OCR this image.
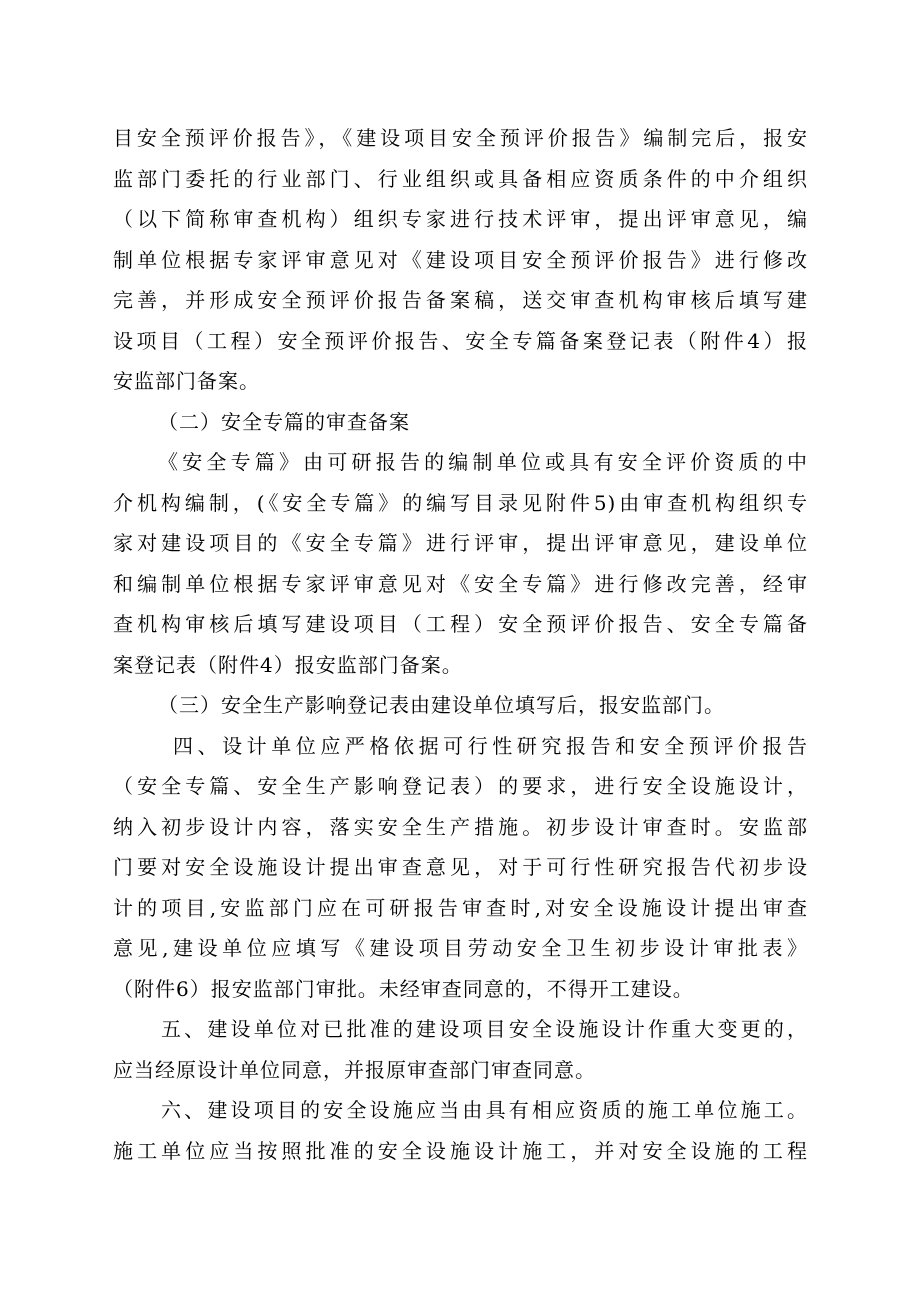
目安全预评价报告》，《建设项目安全预评价报告》编制完后，报安
监部门委托的行业部门、行业组织或具备相应资质条件的中介组织
（以下简称审查机构）组织专家进行技术评审，提出评审意见，编
制单位根据专家评审意见对《建设项目安全预评价报告》进行修改
完善，并形成安全预评价报告备案稿，送交审查机构审核后填写建
设项目（工程）安全预评价报告、安全专篇备案登记表（附件4）报
安监部门备案。
（二）安全专篇的审查备案
《安全专篇》由可研报告的编制单位或具有安全评价资质的中
介机构编制，(《安全专篇》的编写目录见附件5)由审查机构组织专
家对建设项目的《安全专篇》进行评审，提出评审意见，建设单位
和编制单位根据专家评审意见对《安全专篇》进行修改完善，经审
查机构审核后填写建设项目（工程）安全预评价报告、安全专篇备
案登记表（附件4）报安监部门备案。
（三）安全生产影响登记表由建设单位填写后，报安监部门。
四、设计单位应严格依据可行性研究报告和安全预评价报告
（安全专篇、安全生产影响登记表）的要求，进行安全设施设计，
纳入初步设计内容，落实安全生产措施。初步设计审查时。安监部
门要对安全设施设计提出审查意见，对于可行性研究报告代初步设
计的项目,安监部门应在可研报告审查时,对安全设施设计提出审查
意见,建设单位应填写《建设项目劳动安全卫生初步设计审批表》
（附件6）报安监部门审批。未经审查同意的，不得开工建设。
五、建设单位对已批准的建设项目安全设施设计作重大变更的，
应当经原设计单位同意，并报原审查部门审查同意。
六、建设项目的安全设施应当由具有相应资质的施工单位施工。
施工单位应当按照批准的安全设施设计施工，并对安全设施的工程
